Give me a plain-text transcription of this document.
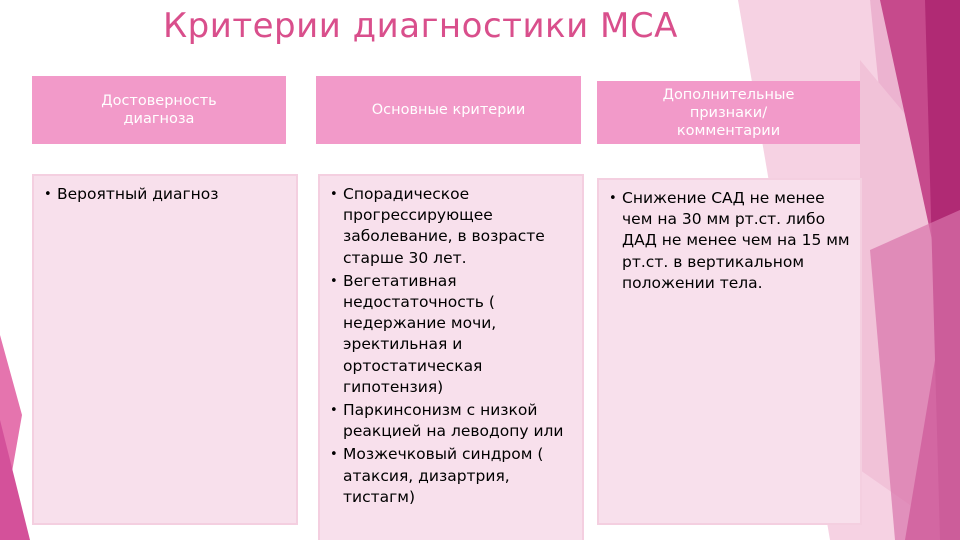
Критерии диагностики МСА
Достоверность
диагноза
• Вероятный диагноз
Основные критерии
• Спорадическое прогрессирующее заболевание, в возрасте старше 30 лет.
• Вегетативная недостаточность ( недержание мочи, эректильная и ортостатическая гипотензия)
• Паркинсонизм с низкой реакцией на леводопу или
• Мозжечковый синдром ( атаксия, дизартрия, тистагм)
Дополнительные
признаки/
комментарии
• Снижение САД не менее чем на 30 мм рт.ст. либо ДАД не менее чем на 15 мм рт.ст. в вертикальном положении тела.
